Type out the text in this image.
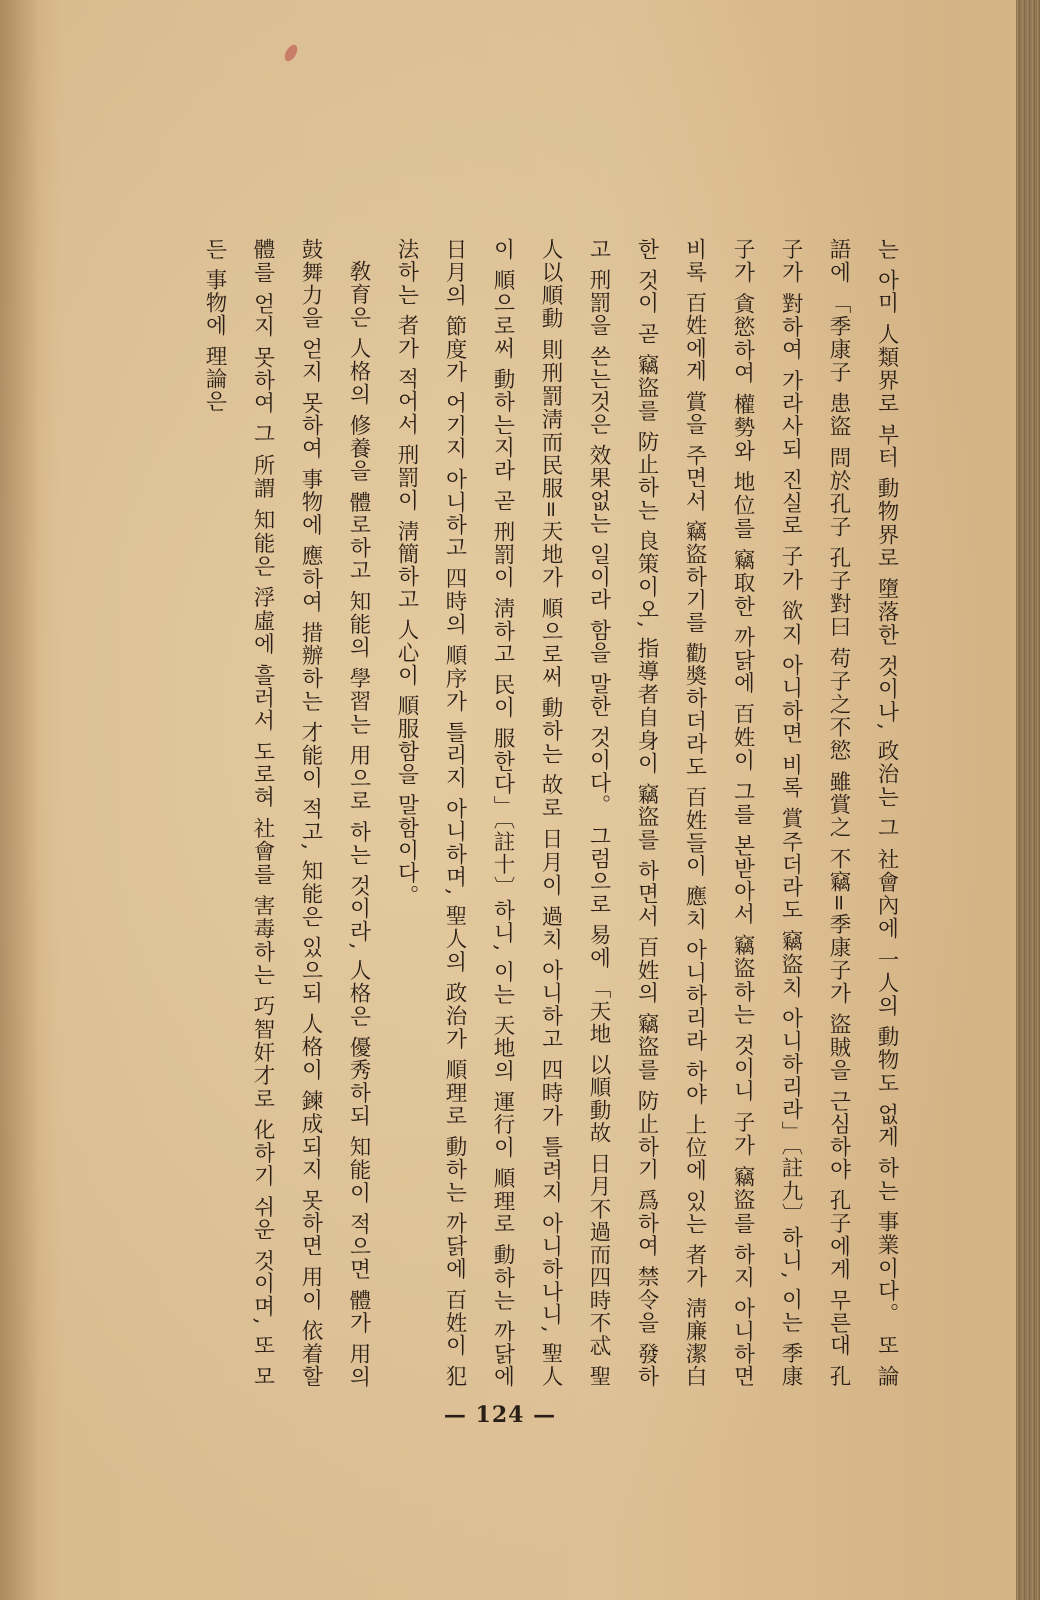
는 아미 人類界로 부터 動物界로 墮落한 것이나, 政治는 그 社會內에 一人의 動物도 없게 하는 事業이다。 또 論語에 「季康子 患盜 問於孔子 孔子對曰 苟子之不慾 雖賞之 不竊=季康子가 盜賊을 근심하야 孔子에게 무른대 孔子가 對하여 가라사되 진실로 子가 欲지 아니하면 비록 賞주더라도 竊盜치 아니하리라」〔註九〕하니, 이는 季康子가 貪慾하여 權勢와 地位를 竊取한 까닭에 百姓이 그를 본받아서 竊盜하는 것이니 子가 竊盜를 하지 아니하면 비록 百姓에게 賞을 주면서 竊盜하기를 勸奬하더라도 百姓들이 應치 아니하리라 하야 上位에 있는 者가 淸廉潔白한 것이 곧 竊盜를 防止하는 良策이오, 指導者自身이 竊盜를 하면서 百姓의 竊盜를 防止하기 爲하여 禁令을 發하고 刑罰을 쓴는것은 效果없는 일이라 함을 말한 것이다。 그럼으로 易에 「天地 以順動故 日月不過而四時不忒 聖人以順動 則刑罰淸而民服=天地가 順으로써 動하는 故로 日月이 過치 아니하고 四時가 틀려지 아니하나니, 聖人이 順으로써 動하는지라 곧 刑罰이 淸하고 民이 服한다」〔註十〕하니, 이는 天地의 運行이 順理로 動하는 까닭에 日月의 節度가 어기지 아니하고 四時의 順序가 틀리지 아니하며, 聖人의 政治가 順理로 動하는 까닭에 百姓이 犯法하는 者가 적어서 刑罰이 淸簡하고 人心이 順服함을 말함이다。

敎育은 人格의 修養을 體로하고 知能의 學習는 用으로 하는 것이라, 人格은 優秀하되 知能이 적으면 體가 用의 鼓舞力을 얻지 못하여 事物에 應하여 措辦하는 才能이 적고, 知能은 있으되 人格이 鍊成되지 못하면 用이 依着할 體를 얻지 못하여 그 所謂 知能은 浮虛에 흘러서 도로혀 社會를 害毒하는 巧智奸才로 化하기 쉬운 것이며, 또 모든 事物에 理論은

— 124 —
